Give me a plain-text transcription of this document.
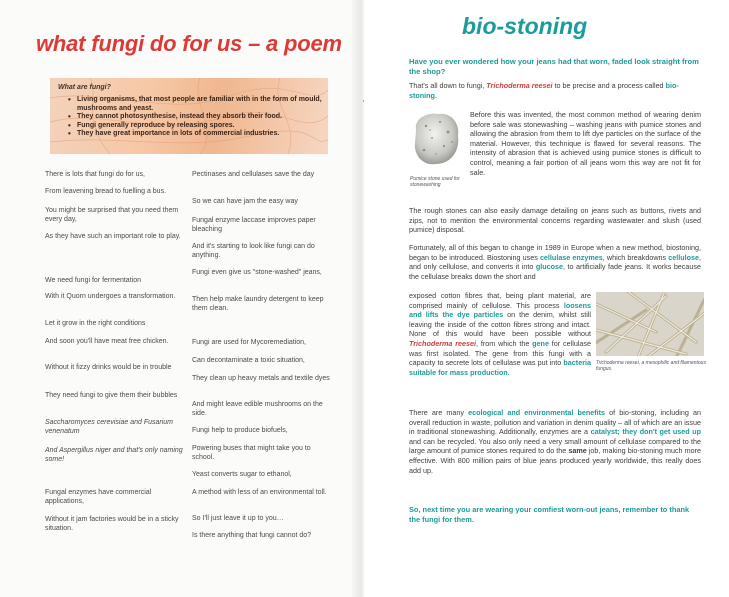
what fungi do for us – a poem
What are fungi?
• Living organisms, that most people are familiar with in the form of mould, mushrooms and yeast.
• They cannot photosynthesise, instead they absorb their food.
• Fungi generally reproduce by releasing spores.
• They have great importance in lots of commercial industries.

There is lots that fungi do for us,

From leavening bread to fuelling a bus.

You might be surprised that you need them every day,

As they have such an important role to play.

We need fungi for fermentation

With it Quorn undergoes a transformation.

Let it grow in the right conditions

And soon you'll have meat free chicken.

Without it fizzy drinks would be in trouble

They need fungi to give them their bubbles

Saccharomyces cerevisiae and Fusarium venenatum

And Aspergillus niger and that's only naming some!

Fungal enzymes have commercial applications,

Without it jam factories would be in a sticky situation.

Pectinases and cellulases save the day

So we can have jam the easy way

Fungal enzyme laccase improves paper bleaching

And it's starting to look like fungi can do anything.

Fungi even give us "stone-washed" jeans,

Then help make laundry detergent to keep them clean.

Fungi are used for Mycoremediation,

Can decontaminate a toxic situation,

They clean up heavy metals and textile dyes

And might leave edible mushrooms on the side.

Fungi help to produce biofuels,

Powering buses that might take you to school.

Yeast converts sugar to ethanol,

A method with less of an environmental toll.

So I'll just leave it up to you…

Is there anything that fungi cannot do?

bio-stoning

Have you ever wondered how your jeans had that worn, faded look straight from the shop?

That's all down to fungi, Trichoderma reesei to be precise and a process called bio-stoning.

Pumice stone used for stonewashing

Before this was invented, the most common method of wearing denim before sale was stonewashing – washing jeans with pumice stones and allowing the abrasion from them to lift dye particles on the surface of the material. However, this technique is flawed for several reasons. The intensity of abrasion that is achieved using pumice stones is difficult to control, meaning a fair portion of all jeans worn this way are not fit for sale.

The rough stones can also easily damage detailing on jeans such as buttons, rivets and zips, not to mention the environmental concerns regarding wastewater and slush (used pumice) disposal.

Fortunately, all of this began to change in 1989 in Europe when a new method, biostoning, began to be introduced. Biostoning uses cellulase enzymes, which breakdowns cellulose, and only cellulose, and converts it into glucose, to artificially fade jeans. It works because the cellulase breaks down the short and

exposed cotton fibres that, being plant material, are comprised mainly of cellulose. This process loosens and lifts the dye particles on the denim, whilst still leaving the inside of the cotton fibres strong and intact. None of this would have been possible without Trichoderma reesei, from which the gene for cellulase was first isolated. The gene from this fungi with a capacity to secrete lots of cellulase was put into bacteria suitable for mass production.

Trichoderma reesei, a mesophilic and filamentous fungus.

There are many ecological and environmental benefits of bio-stoning, including an overall reduction in waste, pollution and variation in denim quality – all of which are an issue in traditional stonewashing. Additionally, enzymes are a catalyst; they don't get used up and can be recycled. You also only need a very small amount of cellulase compared to the large amount of pumice stones required to do the same job, making bio-stoning much more effective. With 800 million pairs of blue jeans produced yearly worldwide, this really does add up.

So, next time you are wearing your comfiest worn-out jeans, remember to thank the fungi for them.
